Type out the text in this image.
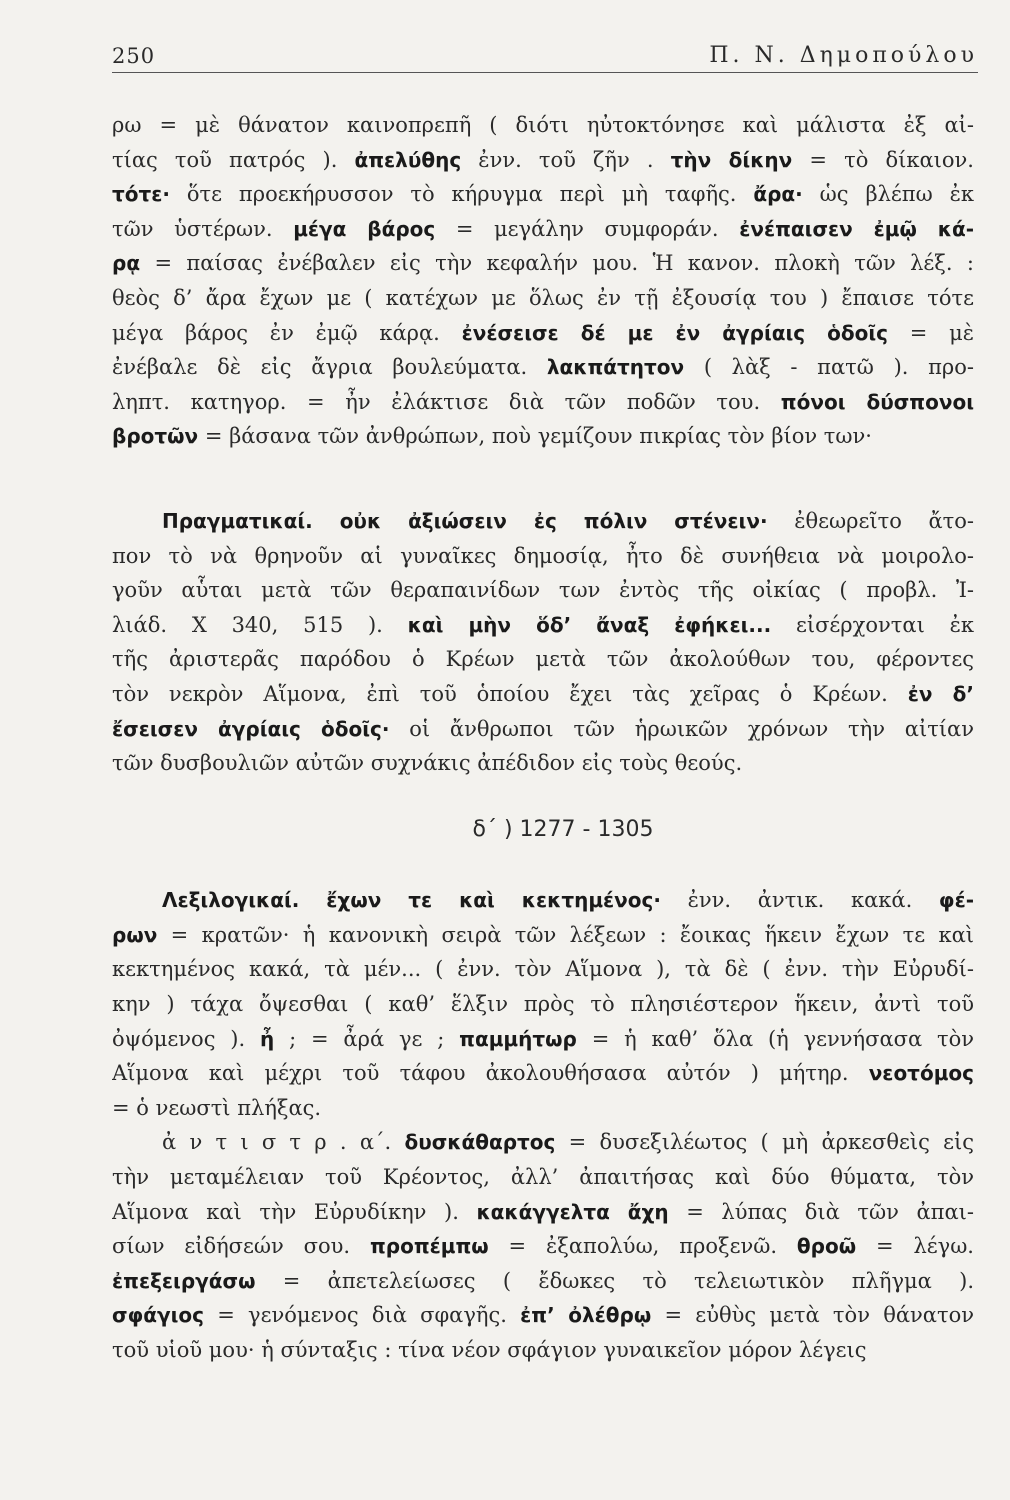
250	Π. Ν. Δημοπούλου
ρω = μὲ θάνατον καινοπρεπῆ ( διότι ηὐτοκτόνησε καὶ μάλιστα ἐξ αἰ-
τίας τοῦ πατρός ). ἀπελύθης ἐνν. τοῦ ζῆν . τὴν δίκην = τὸ δίκαιον.
τότε· ὅτε προεκήρυσσον τὸ κήρυγμα περὶ μὴ ταφῆς. ἄρα· ὡς βλέπω ἐκ
τῶν ὑστέρων. μέγα βάρος = μεγάλην συμφοράν. ἐνέπαισεν ἐμῷ κά-
ρᾳ = παίσας ἐνέβαλεν εἰς τὴν κεφαλήν μου. Ἡ κανον. πλοκὴ τῶν λέξ. :
θεὸς δ’ ἄρα ἔχων με ( κατέχων με ὅλως ἐν τῇ ἐξουσίᾳ του ) ἔπαισε τότε
μέγα βάρος ἐν ἐμῷ κάρᾳ. ἐνέσεισε δέ με ἐν ἀγρίαις ὁδοῖς = μὲ
ἐνέβαλε δὲ εἰς ἄγρια βουλεύματα. λακπάτητον ( λὰξ - πατῶ ). προ-
ληπτ. κατηγορ. = ἦν ἐλάκτισε διὰ τῶν ποδῶν του. πόνοι δύσπονοι
βροτῶν = βάσανα τῶν ἀνθρώπων, ποὺ γεμίζουν πικρίας τὸν βίον των·
Πραγματικαί. οὐκ ἀξιώσειν ἐς πόλιν στένειν· ἐθεωρεῖτο ἄτο-
πον τὸ νὰ θρηνοῦν αἱ γυναῖκες δημοσίᾳ, ἦτο δὲ συνήθεια νὰ μοιρολο-
γοῦν αὗται μετὰ τῶν θεραπαινίδων των ἐντὸς τῆς οἰκίας ( προβλ. Ἰ-
λιάδ. Χ 340, 515 ). καὶ μὴν ὅδ’ ἄναξ ἐφήκει... εἰσέρχονται ἐκ
τῆς ἀριστερᾶς παρόδου ὁ Κρέων μετὰ τῶν ἀκολούθων του, φέροντες
τὸν νεκρὸν Αἵμονα, ἐπὶ τοῦ ὁποίου ἔχει τὰς χεῖρας ὁ Κρέων. ἐν δ’
ἔσεισεν ἀγρίαις ὁδοῖς· οἱ ἄνθρωποι τῶν ἡρωικῶν χρόνων τὴν αἰτίαν
τῶν δυσβουλιῶν αὐτῶν συχνάκις ἀπέδιδον εἰς τοὺς θεούς.
δ΄ ) 1277 - 1305
Λεξιλογικαί. ἔχων τε καὶ κεκτημένος· ἐνν. ἀντικ. κακά. φέ-
ρων = κρατῶν· ἡ κανονικὴ σειρὰ τῶν λέξεων : ἔοικας ἥκειν ἔχων τε καὶ
κεκτημένος κακά, τὰ μέν... ( ἐνν. τὸν Αἵμονα ), τὰ δὲ ( ἐνν. τὴν Εὐρυδί-
κην ) τάχα ὄψεσθαι ( καθ’ ἕλξιν πρὸς τὸ πλησιέστερον ἥκειν, ἀντὶ τοῦ
ὀψόμενος ). ἦ ; = ἆρά γε ; παμμήτωρ = ἡ καθ’ ὅλα (ἡ γεννήσασα τὸν
Αἵμονα καὶ μέχρι τοῦ τάφου ἀκολουθήσασα αὐτόν ) μήτηρ. νεοτόμος
= ὁ νεωστὶ πλήξας.
ἀ ν τ ι σ τ ρ . α΄. δυσκάθαρτος = δυσεξιλέωτος ( μὴ ἀρκεσθεὶς εἰς
τὴν μεταμέλειαν τοῦ Κρέοντος, ἀλλ’ ἀπαιτήσας καὶ δύο θύματα, τὸν
Αἵμονα καὶ τὴν Εὐρυδίκην ). κακάγγελτα ἄχη = λύπας διὰ τῶν ἀπαι-
σίων εἰδήσεών σου. προπέμπω = ἐξαπολύω, προξενῶ. θροῶ = λέγω.
ἐπεξειργάσω = ἀπετελείωσες ( ἔδωκες τὸ τελειωτικὸν πλῆγμα ).
σφάγιος = γενόμενος διὰ σφαγῆς. ἐπ’ ὀλέθρῳ = εὐθὺς μετὰ τὸν θάνατον
τοῦ υἱοῦ μου· ἡ σύνταξις : τίνα νέον σφάγιον γυναικεῖον μόρον λέγεις
